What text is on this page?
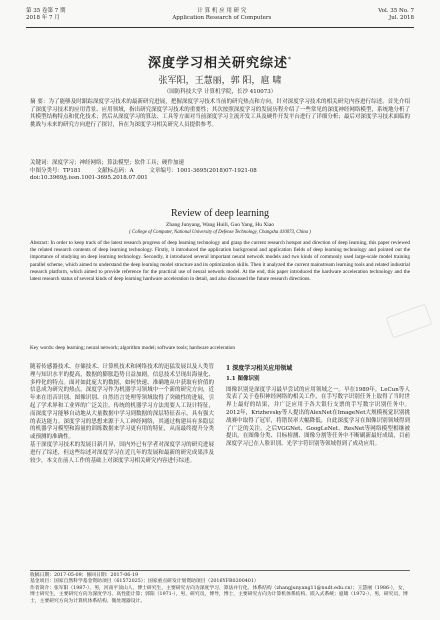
第 35 卷第 7 期
2018 年 7 月
计 算 机 应 用 研 究
Application Research of Computers
Vol. 35 No. 7
Jul. 2018
深度学习相关研究综述*
张军阳，王慧丽，郭 阳，扈 啸
（国防科技大学 计算机学院，长沙 410073）
摘 要：为了能够及时跟踪深度学习技术的最新研究进展，把握深度学习技术当前的研究热点和方向，针对深度学习技术的相关研究内容进行综述。首先介绍了深度学习技术的应用背景、应用领域，指出研究深度学习技术的重要性；其次按照深度学习的发展历程介绍了一些常见的深度神经网络模型，系统地分析了其模型结构特点和优化技术；然后从深度学习的算法、工具等方面对当前深度学习主流开发工具及硬件开发平台进行了详细分析；最后对深度学习技术面临的挑战与未来的研究方向进行了探讨，旨在为深度学习相关研究人员提供参考。
关键词：深度学习；神经网络；算法模型；软件工具；硬件加速
中图分类号：TP181	文献标志码：A	文章编号：1001-3695(2018)07-1921-08
doi:10.3969/j.issn.1001-3695.2018.07.001
Review of deep learning
Zhang Junyang, Wang Huili, Guo Yang, Hu Xiao
( College of Computer, National University of Defense Technology, Changsha 410073, China )
Abstract: In order to keep track of the latest research progress of deep learning technology and grasp the current research hotspot and direction of deep learning, this paper reviewed the related research contents of deep learning technology. Firstly, it introduced the application background and application fields of deep learning technology and pointed out the importance of studying on deep learning technology. Secondly, it introduced several important neural network models and two kinds of commonly used large-scale model training parallel scheme, which aimed to understand the deep learning model structure and its optimization skills. Then it analyzed the current mainstream learning tools and related industrial research platform, which aimed to provide reference for the practical use of neural network model. At the end, this paper introduced the hardware acceleration technology and the latest research status of several kinds of deep learning hardware acceleration in detail, and also discussed the future research directions.
Key words: deep learning; neural network; algorithm model; software tools; hardware acceleration
随着传感器技术、存储技术、计算机技术和网络技术的迅猛发展以及人类管理与知识水平的提高，数据的膨胀趋势日益加剧，信息技术呈现出海量化、多样化的特点。面对如此庞大的数据，如何快速、准确地从中获取有价值的信息成为研究的热点。深度学习作为机器学习领域中一个新的研究方向，近年来在语音识别、图像识别、自然语言处理等领域取得了突破性的进展，引起了学术界和工业界的广泛关注。传统的机器学习方法需要人工设计特征，而深度学习能够自动地从大量数据中学习到数据的深层特征表示，具有强大的表达能力。深度学习的思想来源于人工神经网络，其通过构建具有多隐层的机器学习模型和海量的训练数据来学习更有用的特征，从而最终提升分类或预测的准确性。
基于深度学习技术的发展日新月异，国内外已有学者对深度学习的研究进展进行了综述，但这些综述对深度学习在近几年的发展和最新的研究成果涉及较少，本文在前人工作的基础上对深度学习相关研究内容进行综述。
1 深度学习相关应用领域
1.1 图像识别
图像识别是深度学习最早尝试的应用领域之一。早在1989年，LeCun等人发表了关于卷积神经网络的相关工作，在手写数字识别任务上取得了当时世界上最好的结果，并广泛应用于各大银行支票的手写数字识别任务中。2012年，Krizhevsky等人提出的AlexNet在ImageNet大规模视觉识别挑战赛中取得了冠军，将错误率大幅降低，自此深度学习在图像识别领域得到了广泛的关注。之后VGGNet、GoogLeNet、ResNet等网络模型相继被提出，在图像分类、目标检测、图像分割等任务中不断刷新最好成绩，目前深度学习已在人脸识别、光学字符识别等领域得到了成功应用。
收稿日期：2017-05-09；修回日期：2017-06-19
基金项目：国家自然科学基金资助项目（61572025）；国家重点研发计划资助项目（2016YFB0200401）
作者简介：张军阳（1987-），男，河南平顶山人，博士研究生，主要研究方向为深度学习、算法并行化、体系结构（zhangjunyang11@nudt.edu.cn）；王慧丽（1986-），女，博士研究生，主要研究方向为深度学习、高性能计算；郭阳（1971-），男，研究员，博导，博士，主要研究方向为计算机体系结构、嵌入式系统；扈啸（1972-），男，研究员，博士，主要研究方向为计算机体系结构、微处理器设计。
